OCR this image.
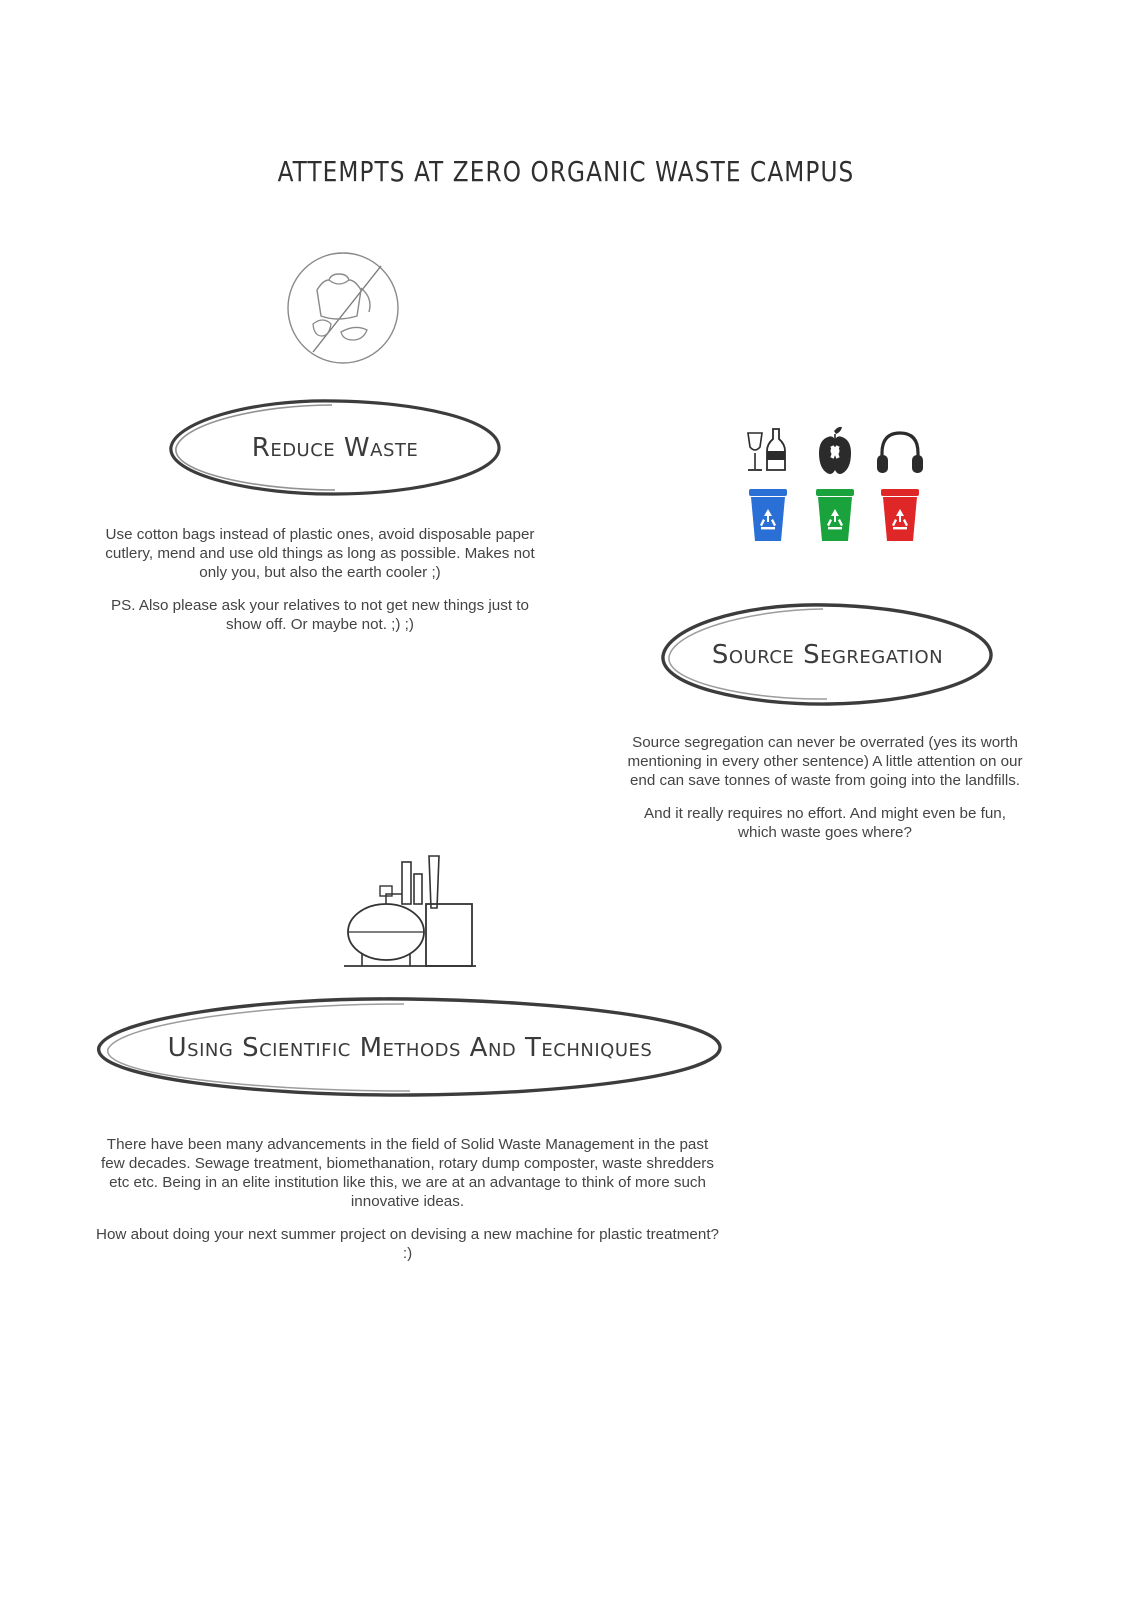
ATTEMPTS AT ZERO ORGANIC WASTE CAMPUS
Reduce Waste

Use cotton bags instead of plastic ones, avoid disposable paper cutlery, mend and use old things as long as possible. Makes not only you, but also the earth cooler ;)

PS. Also please ask your relatives to not get new things just to show off. Or maybe not. ;) ;)

Source Segregation

Source segregation can never be overrated (yes its worth mentioning in every other sentence) A little attention on our end can save tonnes of waste from going into the landfills.

And it really requires no effort. And might even be fun, which waste goes where?

Using Scientific Methods And Techniques

There have been many advancements in the field of Solid Waste Management in the past few decades. Sewage treatment, biomethanation, rotary dump composter, waste shredders etc etc. Being in an elite institution like this, we are at an advantage to think of more such innovative ideas.

How about doing your next summer project on devising a new machine for plastic treatment? :)
